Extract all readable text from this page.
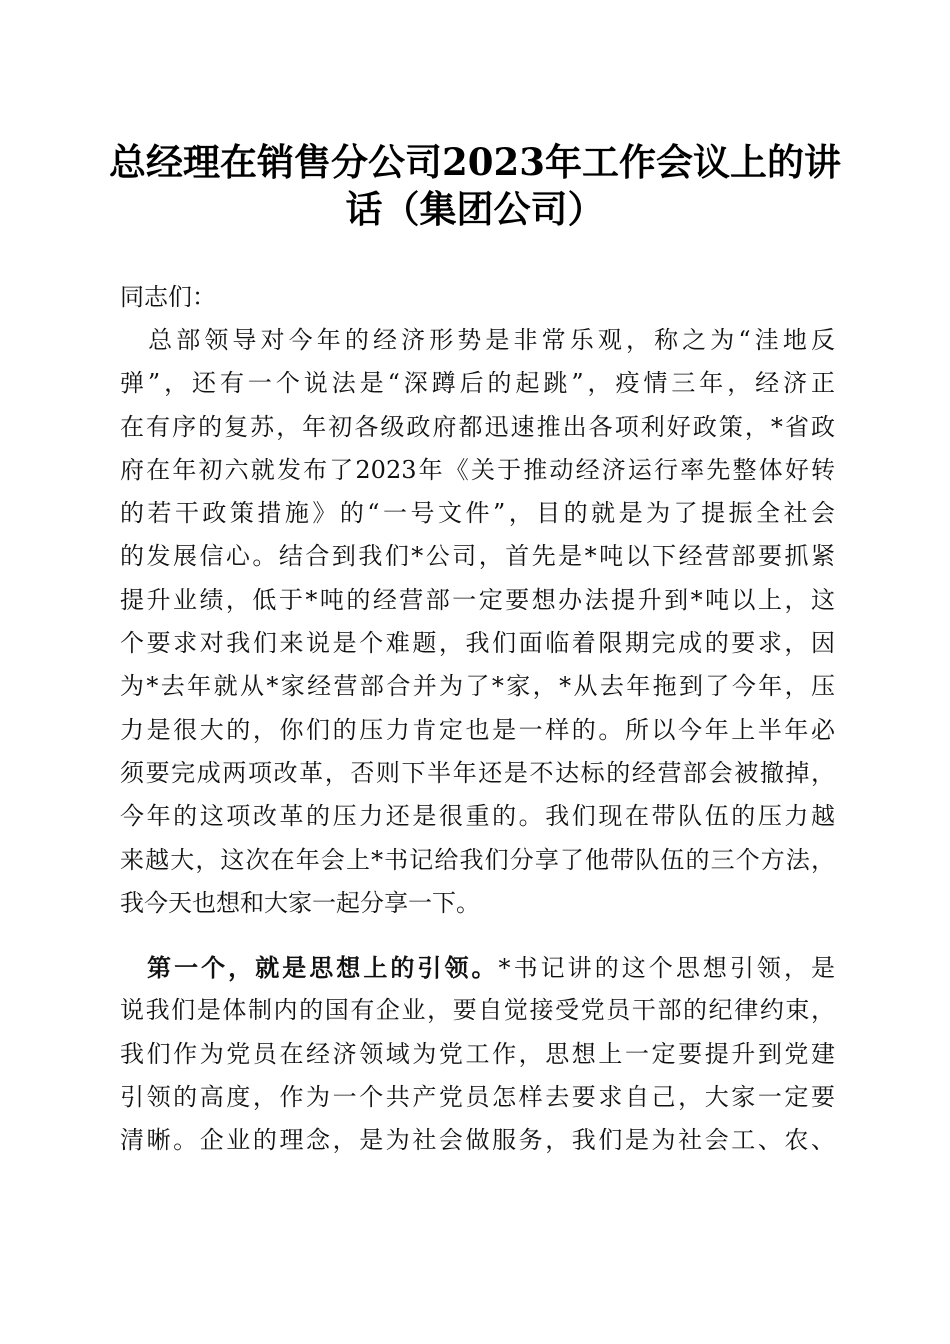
总经理在销售分公司2023年工作会议上的讲
话（集团公司）

同志们：

　总部领导对今年的经济形势是非常乐观，称之为“洼地反
弹”，还有一个说法是“深蹲后的起跳”，疫情三年，经济正
在有序的复苏，年初各级政府都迅速推出各项利好政策，*省政
府在年初六就发布了2023年《关于推动经济运行率先整体好转
的若干政策措施》的“一号文件”，目的就是为了提振全社会
的发展信心。结合到我们*公司，首先是*吨以下经营部要抓紧
提升业绩，低于*吨的经营部一定要想办法提升到*吨以上，这
个要求对我们来说是个难题，我们面临着限期完成的要求，因
为*去年就从*家经营部合并为了*家，*从去年拖到了今年，压
力是很大的，你们的压力肯定也是一样的。所以今年上半年必
须要完成两项改革，否则下半年还是不达标的经营部会被撤掉，
今年的这项改革的压力还是很重的。我们现在带队伍的压力越
来越大，这次在年会上*书记给我们分享了他带队伍的三个方法，
我今天也想和大家一起分享一下。
　第一个，就是思想上的引领。*书记讲的这个思想引领，是
说我们是体制内的国有企业，要自觉接受党员干部的纪律约束，
我们作为党员在经济领域为党工作，思想上一定要提升到党建
引领的高度，作为一个共产党员怎样去要求自己，大家一定要
清晰。企业的理念，是为社会做服务，我们是为社会工、农、
